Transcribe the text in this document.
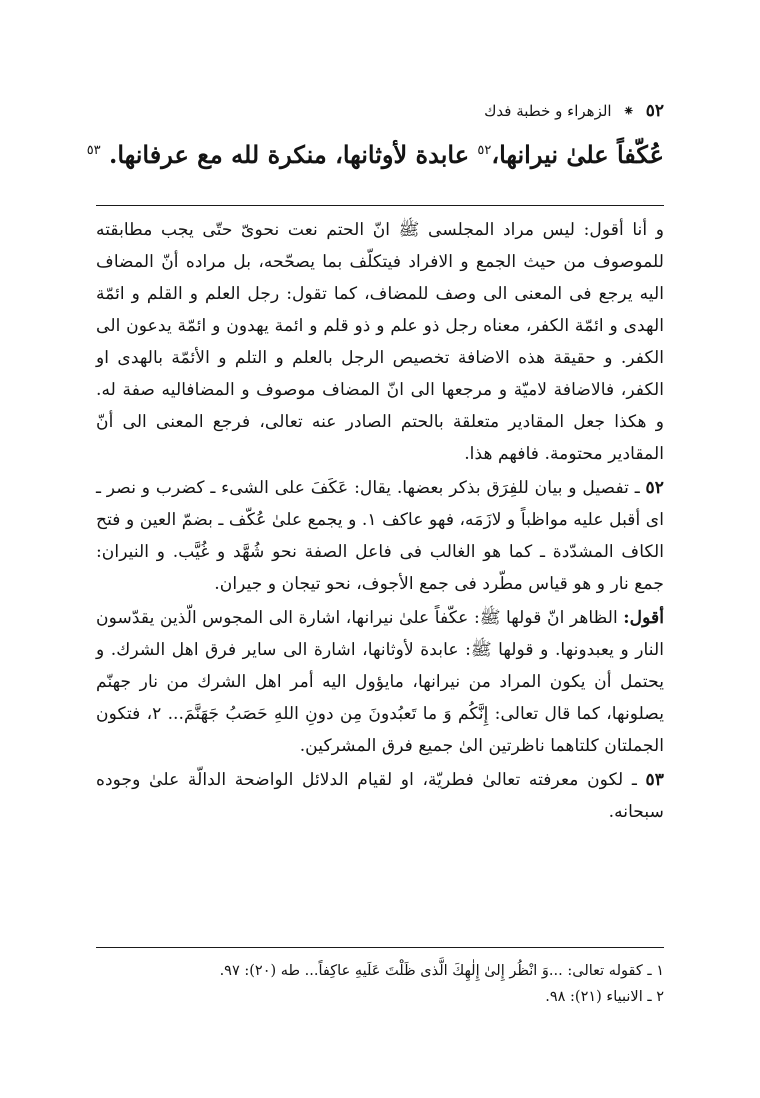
٥٢ ⁕ الزهراء و خطبة فدك
عُكّفاً علىٰ نيرانها،$^{٥٢}$ عابدة لأوثانها، منكرة لله مع عرفانها. $^{٥٣}$

و أنا أقول: ليس مراد المجلسى ﷺ انّ الحتم نعت نحوىّ حتّى يجب مطابقته للموصوف من حيث الجمع و الافراد فيتكلّف بما يصحّحه، بل مراده أنّ المضاف اليه يرجع فى المعنى الى وصف للمضاف، كما تقول: رجل العلم و القلم و ائمّة الهدى و ائمّة الكفر، معناه رجل ذو علم و ذو قلم و ائمة يهدون و ائمّة يدعون الى الكفر. و حقيقة هذه الاضافة تخصيص الرجل بالعلم و التلم و الأئمّة بالهدى او الكفر، فالاضافة لاميّة و مرجعها الى انّ المضاف موصوف و المضافاليه صفة له. و هكذا جعل المقادير متعلقة بالحتم الصادر عنه تعالى، فرجع المعنى الى أنّ المقادير محتومة. فافهم هذا.

٥٢ ـ تفصيل و بيان للفِرَق بذكر بعضها. يقال: عَكَفَ على الشىء ـ كضرب و نصر ـ اى أقبل عليه مواظباً و لازَمَه، فهو عاكف ١. و يجمع علىٰ عُكّف ـ بضمّ العين و فتح الكاف المشدّدة ـ كما هو الغالب فى فاعل الصفة نحو شُهَّد و غُيَّب. و النيران: جمع نار و هو قياس مطّرد فى جمع الأجوف، نحو تيجان و جيران.

أقول: الظاهر انّ قولها ﷺ: عكّفاً علىٰ نيرانها، اشارة الى المجوس الّذين يقدّسون النار و يعبدونها. و قولها ﷺ: عابدة لأوثانها، اشارة الى ساير فرق اهل الشرك. و يحتمل أن يكون المراد من نيرانها، مايؤول اليه أمر اهل الشرك من نار جهنّم يصلونها، كما قال تعالى: إِنَّكُم وَ ما تَعبُدونَ مِن دونِ اللهِ حَصَبُ جَهَنَّمَ... ٢، فتكون الجملتان كلتاهما ناظرتين الىٰ جميع فرق المشركين.

٥٣ ـ لكون معرفته تعالىٰ فطريّة، او لقيام الدلائل الواضحة الدالّة علىٰ وجوده سبحانه.

١ ـ كقوله تعالى: ...وَ انْظُر إِلىٰ إِلٰهِكَ الَّذى ظَلْتَ عَلَيهِ عاكِفاً... طه (٢٠): ٩٧.
٢ ـ الانبياء (٢١): ٩٨.
